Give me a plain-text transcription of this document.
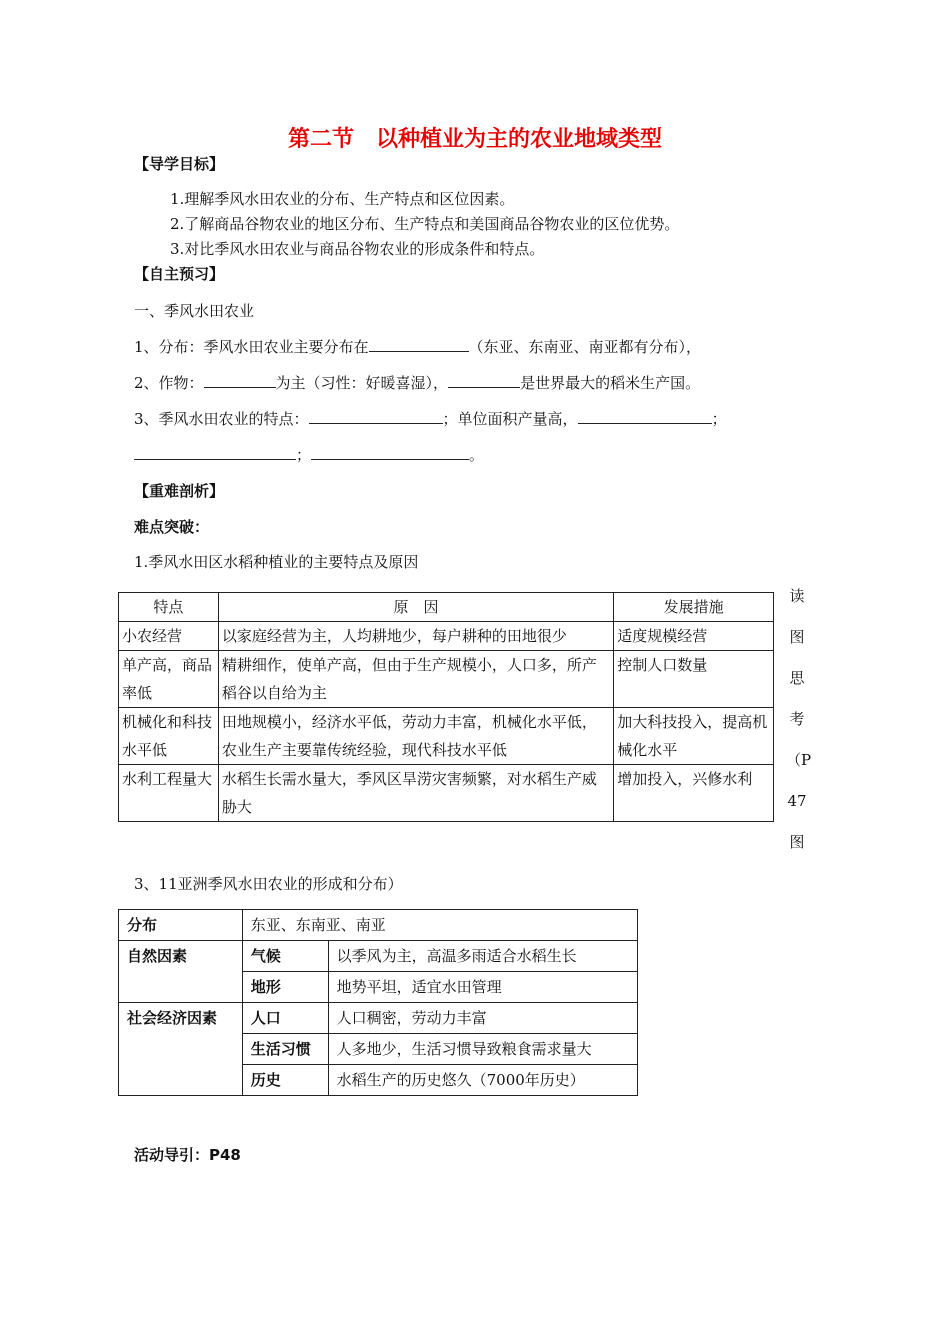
第二节　以种植业为主的农业地域类型
【导学目标】
1.理解季风水田农业的分布、生产特点和区位因素。
2.了解商品谷物农业的地区分布、生产特点和美国商品谷物农业的区位优势。
3.对比季风水田农业与商品谷物农业的形成条件和特点。
【自主预习】
一、季风水田农业
1、分布：季风水田农业主要分布在	（东亚、东南亚、南亚都有分布），
2、作物：	为主（习性：好暖喜湿），	是世界最大的稻米生产国。
3、季风水田农业的特点：	；单位面积产量高，	；
；	。
【重难剖析】
难点突破：
1.季风水田区水稻种植业的主要特点及原因
特点	原　因	发展措施
小农经营	以家庭经营为主，人均耕地少，每户耕种的田地很少	适度规模经营
单产高，商品率低	精耕细作，使单产高，但由于生产规模小，人口多，所产稻谷以自给为主	控制人口数量
机械化和科技水平低	田地规模小，经济水平低，劳动力丰富，机械化水平低，农业生产主要靠传统经验，现代科技水平低	加大科技投入，提高机械化水平
水利工程量大	水稻生长需水量大，季风区旱涝灾害频繁，对水稻生产威胁大	增加投入，兴修水利
读
图
思
考
（P
47
图
3、11亚洲季风水田农业的形成和分布）
分布	东亚、东南亚、南亚	
自然因素	气候	以季风为主，高温多雨适合水稻生长
	地形	地势平坦，适宜水田管理
社会经济因素	人口	人口稠密，劳动力丰富
	生活习惯	人多地少，生活习惯导致粮食需求量大
	历史	水稻生产的历史悠久（7000年历史）
活动导引：P48
